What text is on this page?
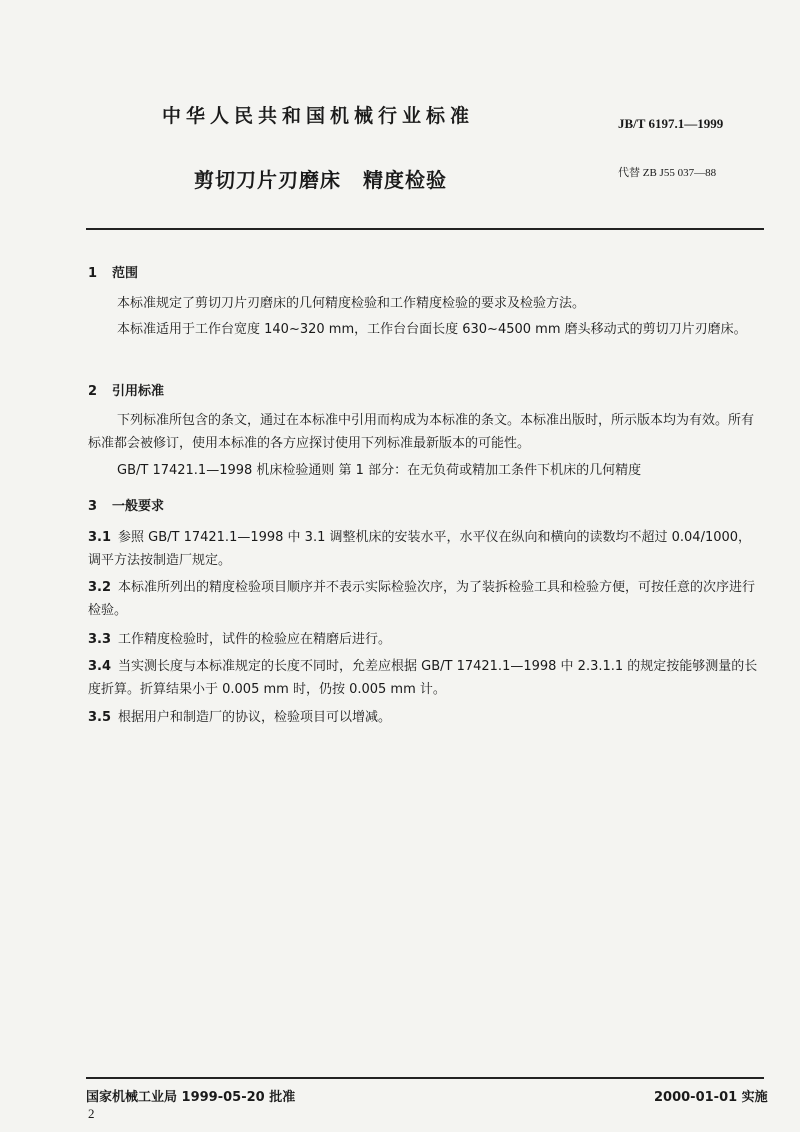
中华人民共和国机械行业标准	JB/T 6197.1—1999
剪切刀片刃磨床 精度检验	代替 ZB J55 037—88
1 范围
本标准规定了剪切刀片刃磨床的几何精度检验和工作精度检验的要求及检验方法。
本标准适用于工作台宽度 140~320 mm，工作台台面长度 630~4500 mm 磨头移动式的剪切刀片刃磨床。
2 引用标准
下列标准所包含的条文，通过在本标准中引用而构成为本标准的条文。本标准出版时，所示版本均为有效。所有标准都会被修订，使用本标准的各方应探讨使用下列标准最新版本的可能性。
GB/T 17421.1—1998 机床检验通则 第 1 部分：在无负荷或精加工条件下机床的几何精度
3 一般要求
3.1 参照 GB/T 17421.1—1998 中 3.1 调整机床的安装水平，水平仪在纵向和横向的读数均不超过 0.04/1000，调平方法按制造厂规定。
3.2 本标准所列出的精度检验项目顺序并不表示实际检验次序，为了装拆检验工具和检验方便，可按任意的次序进行检验。
3.3 工作精度检验时，试件的检验应在精磨后进行。
3.4 当实测长度与本标准规定的长度不同时，允差应根据 GB/T 17421.1—1998 中 2.3.1.1 的规定按能够测量的长度折算。折算结果小于 0.005 mm 时，仍按 0.005 mm 计。
3.5 根据用户和制造厂的协议，检验项目可以增减。
国家机械工业局 1999-05-20 批准	2000-01-01 实施
2
